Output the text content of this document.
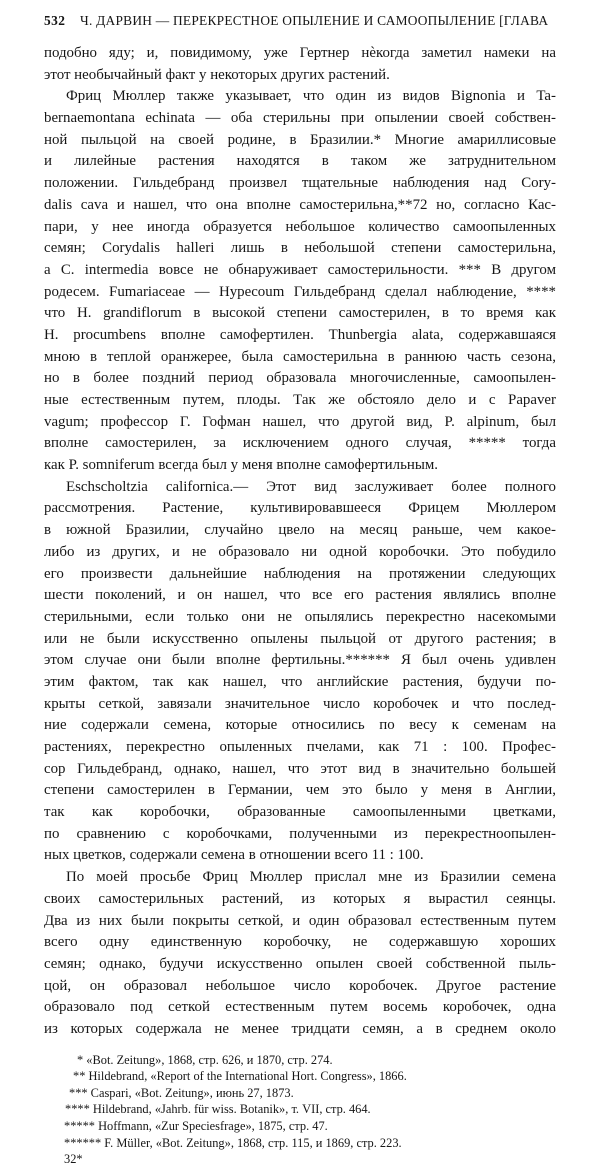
532 Ч. ДАРВИН — ПЕРЕКРЕСТНОЕ ОПЫЛЕНИЕ И САМООПЫЛЕНИЕ [ГЛАВА
подобно яду; и, повидимому, уже Гертнер нѐкогда заметил намеки на
этот необычайный факт у некоторых других растений.
Фриц Мюллер также указывает, что один из видов Bignonia и Ta-
bernaemontana echinata — оба стерильны при опылении своей собствен-
ной пыльцой на своей родине, в Бразилии.* Многие амариллисовые
и лилейные растения находятся в таком же затруднительном
положении. Гильдебранд произвел тщательные наблюдения над Cory-
dalis cava и нашел, что она вполне самостерильна,**72 но, согласно Кас-
пари, у нее иногда образуется небольшое количество самоопыленных
семян; Corydalis halleri лишь в небольшой степени самостерильна,
a C. intermedia вовсе не обнаруживает самостерильности. *** В другом
родесем. Fumariaceae — Hypecoum Гильдебранд сделал наблюдение, ****
что H. grandiflorum в высокой степени самостерилен, в то время как
H. procumbens вполне самофертилен. Thunbergia alata, содержавшаяся
мною в теплой оранжерее, была самостерильна в раннюю часть сезона,
но в более поздний период образовала многочисленные, самоопылен-
ные естественным путем, плоды. Так же обстояло дело и с Papaver
vagum; профессор Г. Гофман нашел, что другой вид, P. alpinum, был
вполне самостерилен, за исключением одного случая, ***** тогда
как P. somniferum всегда был у меня вполне самофертильным.
Eschscholtzia californica.— Этот вид заслуживает более полного
рассмотрения. Растение, культивировавшееся Фрицем Мюллером
в южной Бразилии, случайно цвело на месяц раньше, чем какое-
либо из других, и не образовало ни одной коробочки. Это побудило
его произвести дальнейшие наблюдения на протяжении следующих
шести поколений, и он нашел, что все его растения являлись вполне
стерильными, если только они не опылялись перекрестно насекомыми
или не были искусственно опылены пыльцой от другого растения; в
этом случае они были вполне фертильны.****** Я был очень удивлен
этим фактом, так как нашел, что английские растения, будучи по-
крыты сеткой, завязали значительное число коробочек и что послед-
ние содержали семена, которые относились по весу к семенам на
растениях, перекрестно опыленных пчелами, как 71 : 100. Профес-
сор Гильдебранд, однако, нашел, что этот вид в значительно большей
степени самостерилен в Германии, чем это было у меня в Англии,
так как коробочки, образованные самоопыленными цветками,
по сравнению с коробочками, полученными из перекрестноопылен-
ных цветков, содержали семена в отношении всего 11 : 100.
По моей просьбе Фриц Мюллер прислал мне из Бразилии семена
своих самостерильных растений, из которых я вырастил сеянцы.
Два из них были покрыты сеткой, и один образовал естественным путем
всего одну единственную коробочку, не содержавшую хороших
семян; однако, будучи искусственно опылен своей собственной пыль-
цой, он образовал небольшое число коробочек. Другое растение
образовало под сеткой естественным путем восемь коробочек, одна
из которых содержала не менее тридцати семян, а в среднем около
* «Bot. Zeitung», 1868, стр. 626, и 1870, стр. 274.
** Hildebrand, «Report of the International Hort. Congress», 1866.
*** Caspari, «Bot. Zeitung», июнь 27, 1873.
**** Hildebrand, «Jahrb. für wiss. Botanik», т. VII, стр. 464.
***** Hoffmann, «Zur Speciesfrage», 1875, стр. 47.
****** F. Müller, «Bot. Zeitung», 1868, стр. 115, и 1869, стр. 223.
32*
